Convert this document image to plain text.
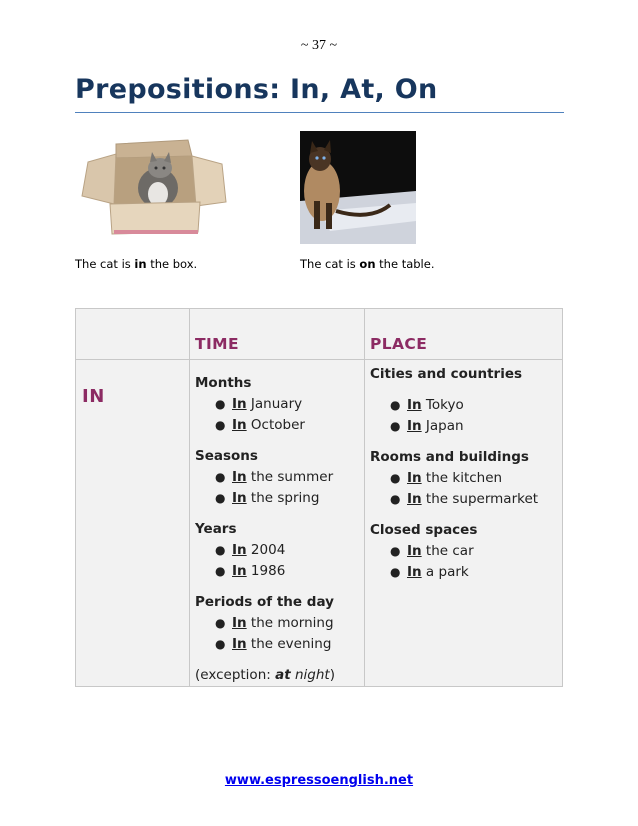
~ 37 ~
Prepositions: In, At, On
The cat is in the box.	The cat is on the table.
TIME	PLACE
IN
Months
● In January
● In October
Seasons
● In the summer
● In the spring
Years
● In 2004
● In 1986
Periods of the day
● In the morning
● In the evening
(exception: at night)
Cities and countries
● In Tokyo
● In Japan
Rooms and buildings
● In the kitchen
● In the supermarket
Closed spaces
● In the car
● In a park
www.espressoenglish.net
